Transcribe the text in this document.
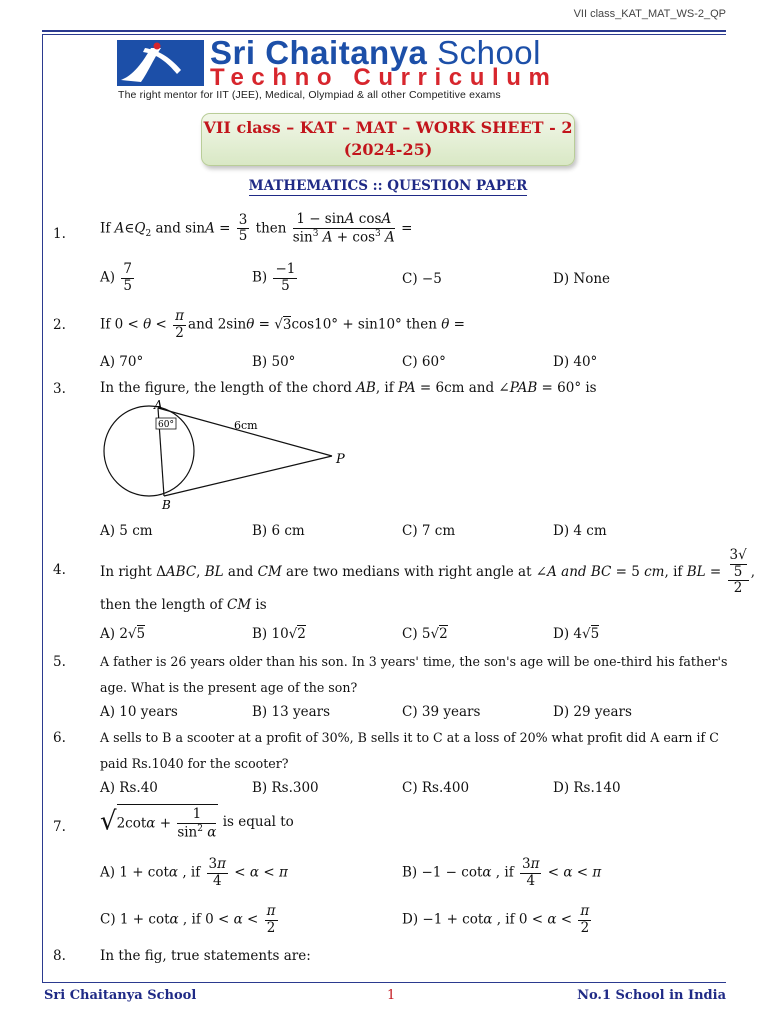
VII class_KAT_MAT_WS-2_QP
Sri Chaitanya School
Techno Curriculum
The right mentor for IIT (JEE), Medical, Olympiad & all other Competitive exams
VII class – KAT – MAT – WORK SHEET - 2
(2024-25)
MATHEMATICS :: QUESTION PAPER
1.	If $A\in Q_2$ and $\sin A = \frac{3}{5}$ then $\frac{\text{1 − sinA cosA}}{\sin^3 A + \cos^3 A}$ =
$A) \frac{7}{5}$	$B) \frac{-1}{5}$	C) −5	D) None
2.	If $0 < \theta < \frac{\pi}{2}$ and 2sinθ = √3cos10° + sin10° then θ =
A) 70°	B) 50°	C) 60°	D) 40°
3.	In the figure, the length of the chord AB, if PA = 6cm and ∠PAB = 60° is
60°
A
B
P
6cm
A) 5 cm	B) 6 cm	C) 7 cm	D) 4 cm
4.	In right ΔABC, BL and CM are two medians with right angle at ∠A and BC = 5 cm, if BL = 3√
5
2 ,
then the length of CM is
A) 2√5	B) 10√2	C) 5√2	D) 4√5
5.	A father is 26 years older than his son. In 3 years' time, the son's age will be one-third his father's
age. What is the present age of the son?
A) 10 years	B) 13 years	C) 39 years	D) 29 years
6.	A sells to B a scooter at a profit of 30%, B sells it to C at a loss of 20% what profit did A earn if C
paid Rs.1040 for the scooter?
A) Rs.40	B) Rs.300	C) Rs.400	D) Rs.140
7. $√2\cot\alpha + \frac{1}{\sin^2 \alpha}$ is equal to
A) 1 + cotα , if $\frac{3\pi}{4} < \alpha < \pi$	B) −1 − cotα , if $\frac{3\pi}{4} < \alpha < \pi$
C) 1 + cotα , if $0 < \alpha < \frac{\pi}{2}$	D) −1 + cotα , if $0 < \alpha < \frac{\pi}{2}$
8.	In the fig, true statements are:
Sri Chaitanya School	1	No.1 School in India
